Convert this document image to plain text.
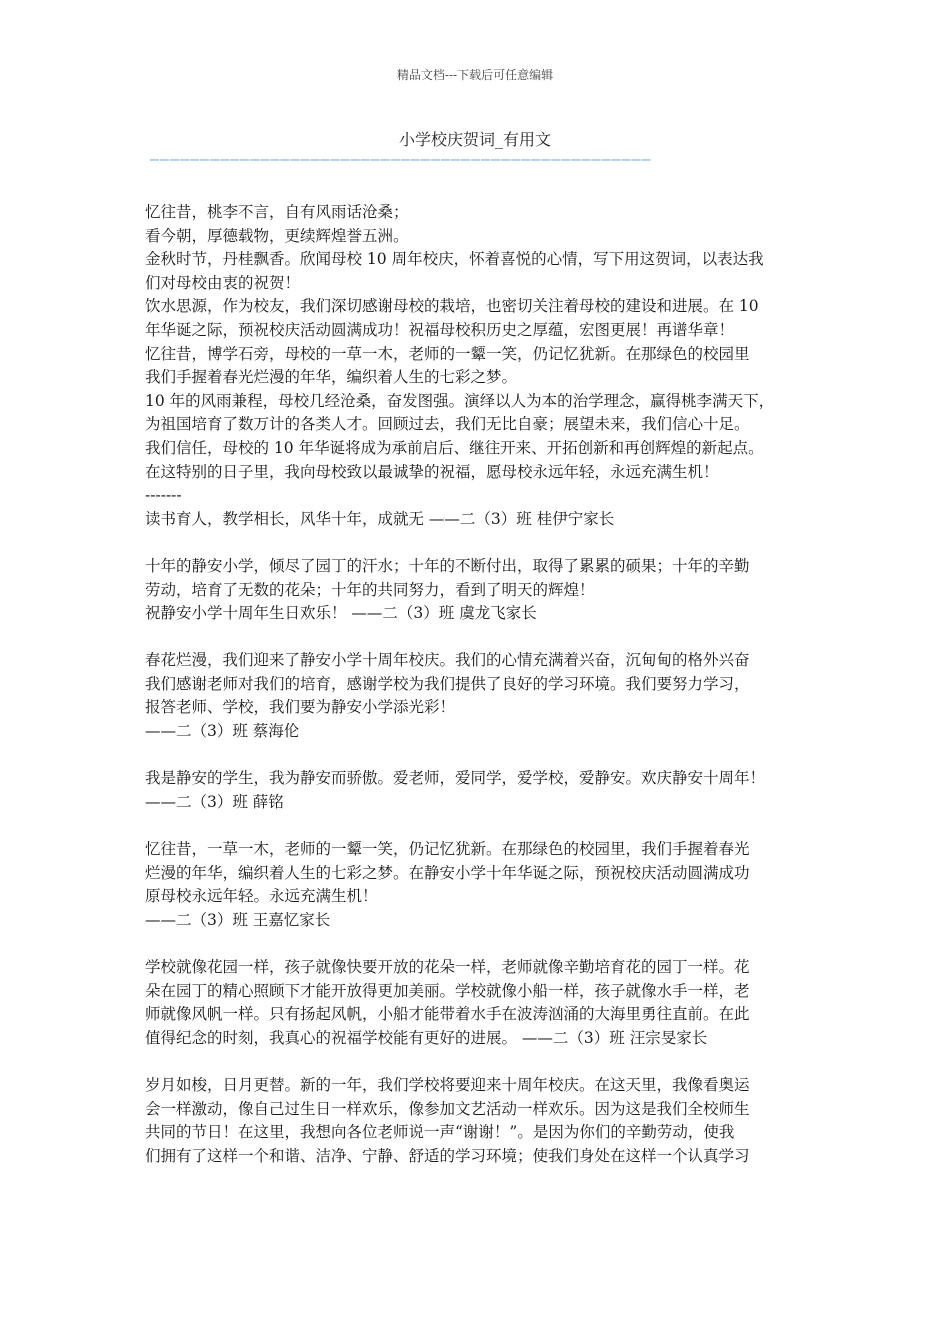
精品文档---下载后可任意编辑
小学校庆贺词_有用文
——————————————————————————————————————————————————
忆往昔，桃李不言，自有风雨话沧桑；
看今朝，厚德载物，更续辉煌誉五洲。
金秋时节，丹桂飘香。欣闻母校 10 周年校庆，怀着喜悦的心情，写下用这贺词，以表达我
们对母校由衷的祝贺！
饮水思源，作为校友，我们深切感谢母校的栽培，也密切关注着母校的建设和进展。在 10
年华诞之际，预祝校庆活动圆满成功！祝福母校积历史之厚蕴，宏图更展！再谱华章！
忆往昔，博学石旁，母校的一草一木，老师的一颦一笑，仍记忆犹新。在那绿色的校园里
我们手握着春光烂漫的年华，编织着人生的七彩之梦。
10 年的风雨兼程，母校几经沧桑，奋发图强。演绎以人为本的治学理念，赢得桃李满天下，
为祖国培育了数万计的各类人才。回顾过去，我们无比自豪；展望未来，我们信心十足。
我们信任，母校的 10 年华诞将成为承前启后、继往开来、开拓创新和再创辉煌的新起点。
在这特别的日子里，我向母校致以最诚挚的祝福，愿母校永远年轻，永远充满生机！
-------
读书育人，教学相长，风华十年，成就无 ——二（3）班 桂伊宁家长
十年的静安小学，倾尽了园丁的汗水；十年的不断付出，取得了累累的硕果；十年的辛勤
劳动，培育了无数的花朵；十年的共同努力，看到了明天的辉煌！
祝静安小学十周年生日欢乐！ ——二（3）班 虞龙飞家长
春花烂漫，我们迎来了静安小学十周年校庆。我们的心情充满着兴奋，沉甸甸的格外兴奋
我们感谢老师对我们的培育，感谢学校为我们提供了良好的学习环境。我们要努力学习，
报答老师、学校，我们要为静安小学添光彩！
——二（3）班 蔡海伦
我是静安的学生，我为静安而骄傲。爱老师，爱同学，爱学校，爱静安。欢庆静安十周年！
——二（3）班 薛铭
忆往昔，一草一木，老师的一颦一笑，仍记忆犹新。在那绿色的校园里，我们手握着春光
烂漫的年华，编织着人生的七彩之梦。在静安小学十年华诞之际，预祝校庆活动圆满成功
原母校永远年轻。永远充满生机！
——二（3）班 王嘉忆家长
学校就像花园一样，孩子就像快要开放的花朵一样，老师就像辛勤培育花的园丁一样。花
朵在园丁的精心照顾下才能开放得更加美丽。学校就像小船一样，孩子就像水手一样，老
师就像风帆一样。只有扬起风帆，小船才能带着水手在波涛汹涌的大海里勇往直前。在此
值得纪念的时刻，我真心的祝福学校能有更好的进展。 ——二（3）班 汪宗旻家长
岁月如梭，日月更替。新的一年，我们学校将要迎来十周年校庆。在这天里，我像看奥运
会一样激动，像自己过生日一样欢乐，像参加文艺活动一样欢乐。因为这是我们全校师生
共同的节日！在这里，我想向各位老师说一声“谢谢！”。是因为你们的辛勤劳动，使我
们拥有了这样一个和谐、洁净、宁静、舒适的学习环境；使我们身处在这样一个认真学习
